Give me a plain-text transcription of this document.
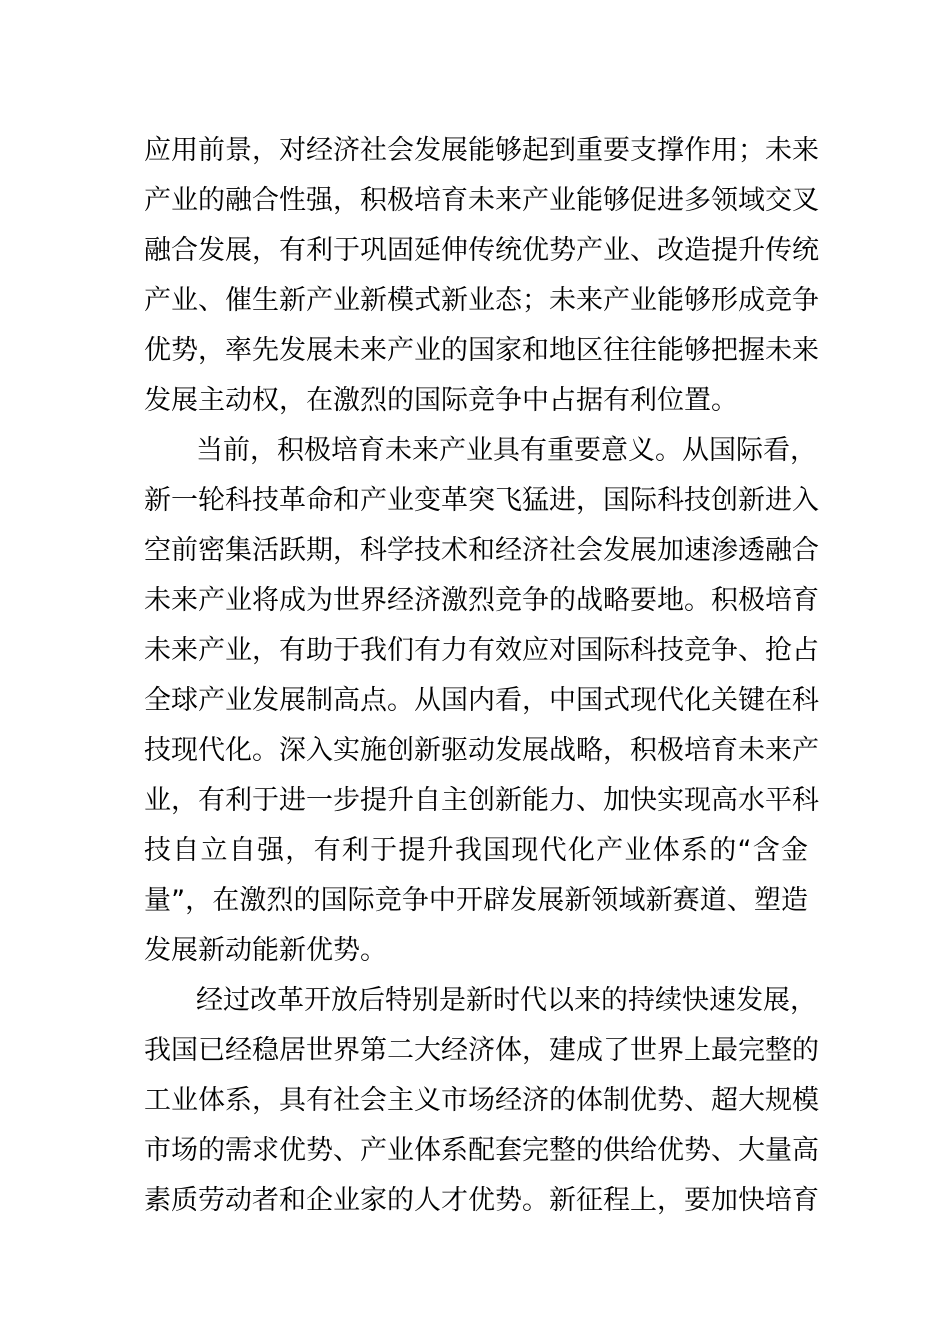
应用前景，对经济社会发展能够起到重要支撑作用；未来
产业的融合性强，积极培育未来产业能够促进多领域交叉
融合发展，有利于巩固延伸传统优势产业、改造提升传统
产业、催生新产业新模式新业态；未来产业能够形成竞争
优势，率先发展未来产业的国家和地区往往能够把握未来
发展主动权，在激烈的国际竞争中占据有利位置。
当前，积极培育未来产业具有重要意义。从国际看，
新一轮科技革命和产业变革突飞猛进，国际科技创新进入
空前密集活跃期，科学技术和经济社会发展加速渗透融合
未来产业将成为世界经济激烈竞争的战略要地。积极培育
未来产业，有助于我们有力有效应对国际科技竞争、抢占
全球产业发展制高点。从国内看，中国式现代化关键在科
技现代化。深入实施创新驱动发展战略，积极培育未来产
业，有利于进一步提升自主创新能力、加快实现高水平科
技自立自强，有利于提升我国现代化产业体系的“含金
量”，在激烈的国际竞争中开辟发展新领域新赛道、塑造
发展新动能新优势。
经过改革开放后特别是新时代以来的持续快速发展，
我国已经稳居世界第二大经济体，建成了世界上最完整的
工业体系，具有社会主义市场经济的体制优势、超大规模
市场的需求优势、产业体系配套完整的供给优势、大量高
素质劳动者和企业家的人才优势。新征程上，要加快培育
